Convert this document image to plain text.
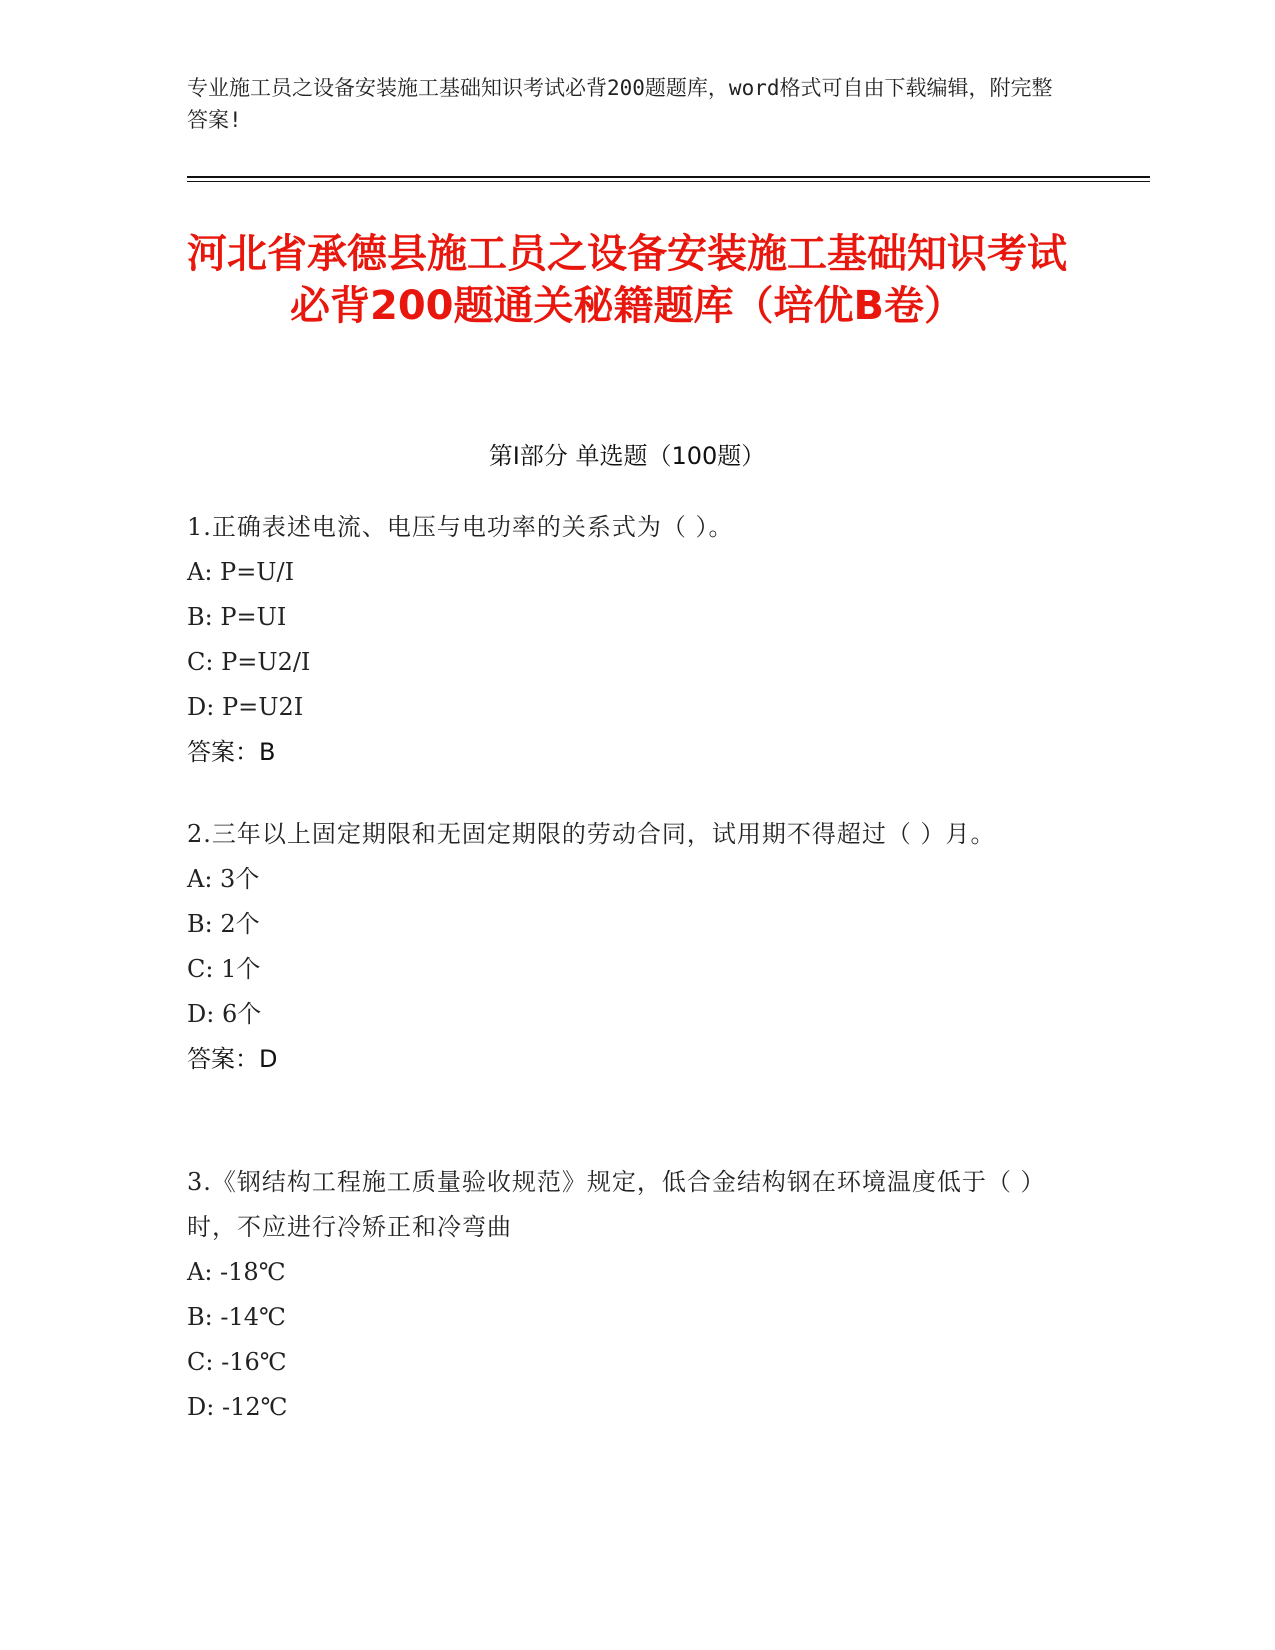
专业施工员之设备安装施工基础知识考试必背200题题库，word格式可自由下载编辑，附完整答案!
河北省承德县施工员之设备安装施工基础知识考试必背200题通关秘籍题库（培优B卷）
第I部分 单选题（100题）
1.正确表述电流、电压与电功率的关系式为（ ）。
A: P=U/I
B: P=UI
C: P=U2/I
D: P=U2I
答案：B
2.三年以上固定期限和无固定期限的劳动合同，试用期不得超过（ ）月。
A: 3个
B: 2个
C: 1个
D: 6个
答案：D
3.《钢结构工程施工质量验收规范》规定，低合金结构钢在环境温度低于（ ）时，不应进行冷矫正和冷弯曲
A: -18℃
B: -14℃
C: -16℃
D: -12℃
